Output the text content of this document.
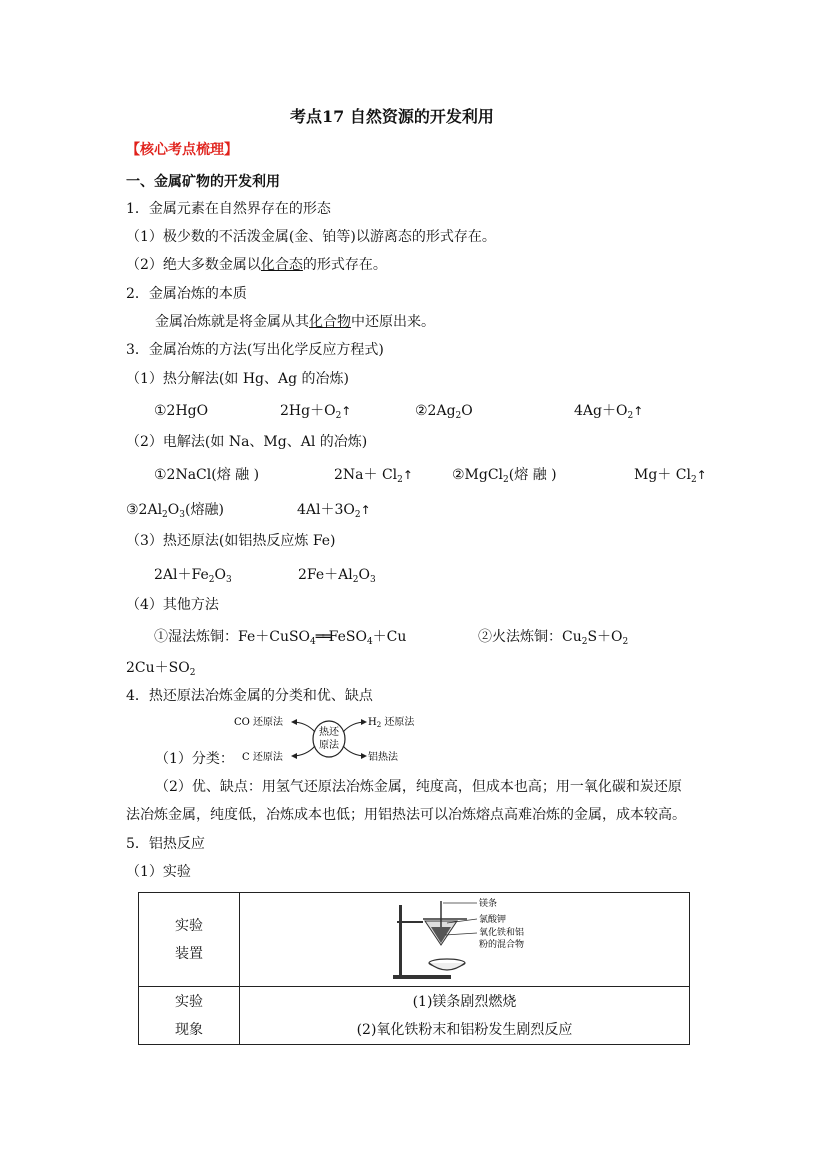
考点17 自然资源的开发利用
【核心考点梳理】
一、金属矿物的开发利用
1．金属元素在自然界存在的形态
（1）极少数的不活泼金属(金、铂等)以游离态的形式存在。
（2）绝大多数金属以化合态的形式存在。
2．金属冶炼的本质
金属冶炼就是将金属从其化合物中还原出来。
3．金属冶炼的方法(写出化学反应方程式)
（1）热分解法(如 Hg、Ag 的冶炼)
①2HgO	$2Hg+O_2↑$	$②2Ag_2O$	$4Ag+O_2↑$
（2）电解法(如 Na、Mg、Al 的冶炼)
①2NaCl(熔 融 )	$2Na+ Cl_2↑$	②MgCl$_2$(熔 融 )	$Mg+ Cl_2↑$
$③2Al_2O_3$(熔融)	$4Al+3O_2↑$
（3）热还原法(如铝热反应炼 Fe)
$2Al+Fe_2O_3$	$2Fe+Al_2O_3$
（4）其他方法
①湿法炼铜：Fe＋CuSO$_4$══FeSO$_4$＋Cu	②火法炼铜：$Cu_2S+O_2$
$2Cu+SO_2$
4．热还原法冶炼金属的分类和优、缺点
热还
原法
CO 还原法	$H_2$ 还原法
C 还原法	铝热法
（1）分类：
（2）优、缺点：用氢气还原法冶炼金属，纯度高，但成本也高；用一氧化碳和炭还原
法冶炼金属，纯度低，冶炼成本也低；用铝热法可以冶炼熔点高难冶炼的金属，成本较高。
5．铝热反应
（1）实验
实验
装置	镁条
氯酸钾
氧化铁和铝
粉的混合物

实验
现象	(1)镁条剧烈燃烧
(2)氧化铁粉末和铝粉发生剧烈反应
